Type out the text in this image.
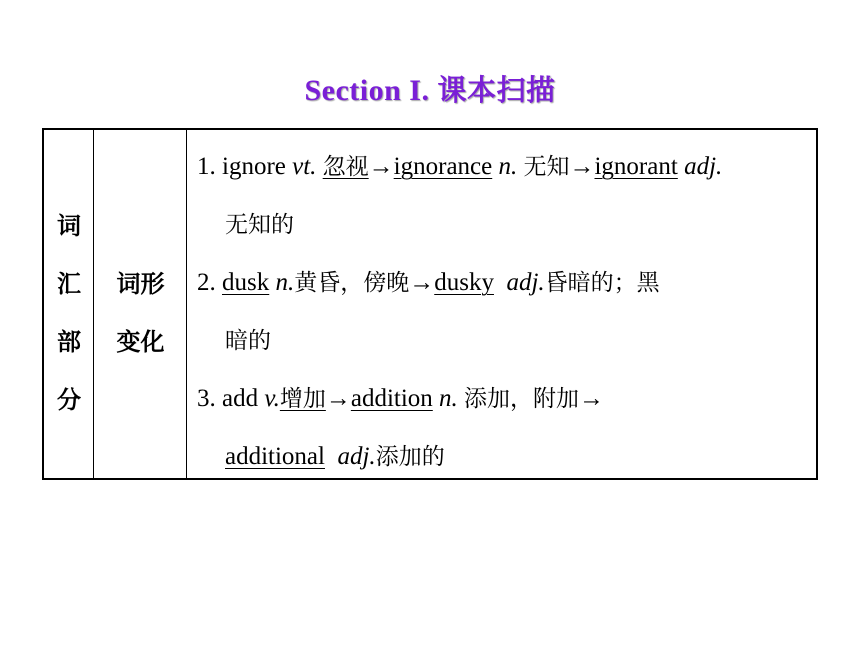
Section I. 课本扫描
词
汇
部
分
词形
变化
1. ignore vt. 忽视→ignorance n. 无知→ignorant adj.
无知的
2. dusk n.黄昏，傍晚→dusky adj.昏暗的；黑
暗的
3. add v.增加→addition n. 添加，附加→
additional adj.添加的
